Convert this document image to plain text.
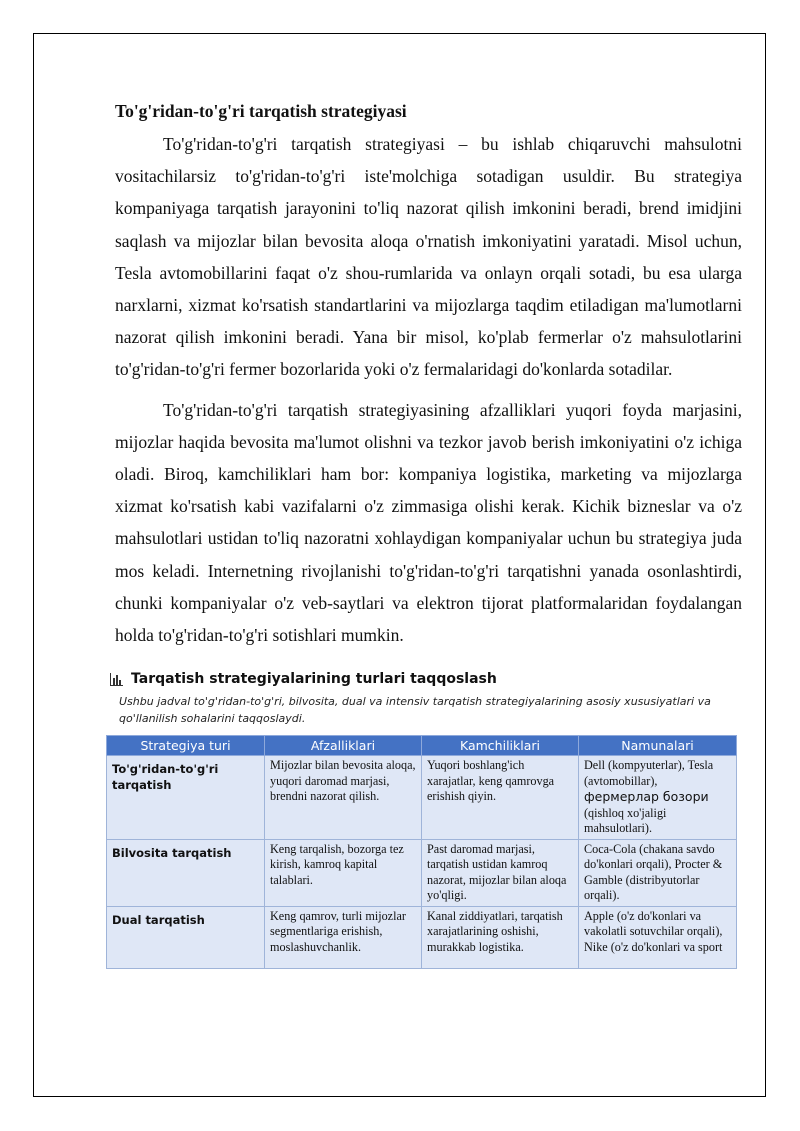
To'g'ridan-to'g'ri tarqatish strategiyasi

To'g'ridan-to'g'ri tarqatish strategiyasi – bu ishlab chiqaruvchi mahsulotni vositachilarsiz to'g'ridan-to'g'ri iste'molchiga sotadigan usuldir. Bu strategiya kompaniyaga tarqatish jarayonini to'liq nazorat qilish imkonini beradi, brend imidjini saqlash va mijozlar bilan bevosita aloqa o'rnatish imkoniyatini yaratadi. Misol uchun, Tesla avtomobillarini faqat o'z shou-rumlarida va onlayn orqali sotadi, bu esa ularga narxlarni, xizmat ko'rsatish standartlarini va mijozlarga taqdim etiladigan ma'lumotlarni nazorat qilish imkonini beradi. Yana bir misol, ko'plab fermerlar o'z mahsulotlarini to'g'ridan-to'g'ri fermer bozorlarida yoki o'z fermalaridagi do'konlarda sotadilar.

To'g'ridan-to'g'ri tarqatish strategiyasining afzalliklari yuqori foyda marjasini, mijozlar haqida bevosita ma'lumot olishni va tezkor javob berish imkoniyatini o'z ichiga oladi. Biroq, kamchiliklari ham bor: kompaniya logistika, marketing va mijozlarga xizmat ko'rsatish kabi vazifalarni o'z zimmasiga olishi kerak. Kichik bizneslar va o'z mahsulotlari ustidan to'liq nazoratni xohlaydigan kompaniyalar uchun bu strategiya juda mos keladi. Internetning rivojlanishi to'g'ridan-to'g'ri tarqatishni yanada osonlashtirdi, chunki kompaniyalar o'z veb-saytlari va elektron tijorat platformalaridan foydalangan holda to'g'ridan-to'g'ri sotishlari mumkin.

Tarqatish strategiyalarining turlari taqqoslash
Ushbu jadval to'g'ridan-to'g'ri, bilvosita, dual va intensiv tarqatish strategiyalarining asosiy xususiyatlari va qo'llanilish sohalarini taqqoslaydi.
Strategiya turi	Afzalliklari	Kamchiliklari	Namunalari
To'g'ridan-to'g'ri tarqatish	Mijozlar bilan bevosita aloqa, yuqori daromad marjasi, brendni nazorat qilish.	Yuqori boshlang'ich xarajatlar, keng qamrovga erishish qiyin.	Dell (kompyuterlar), Tesla (avtomobillar), фермерлар бозори (qishloq xo'jaligi mahsulotlari).
Bilvosita tarqatish	Keng tarqalish, bozorga tez kirish, kamroq kapital talablari.	Past daromad marjasi, tarqatish ustidan kamroq nazorat, mijozlar bilan aloqa yo'qligi.	Coca-Cola (chakana savdo do'konlari orqali), Procter & Gamble (distribyutorlar orqali).
Dual tarqatish	Keng qamrov, turli mijozlar segmentlariga erishish, moslashuvchanlik.	Kanal ziddiyatlari, tarqatish xarajatlarining oshishi, murakkab logistika.	Apple (o'z do'konlari va vakolatli sotuvchilar orqali), Nike (o'z do'konlari va sport
